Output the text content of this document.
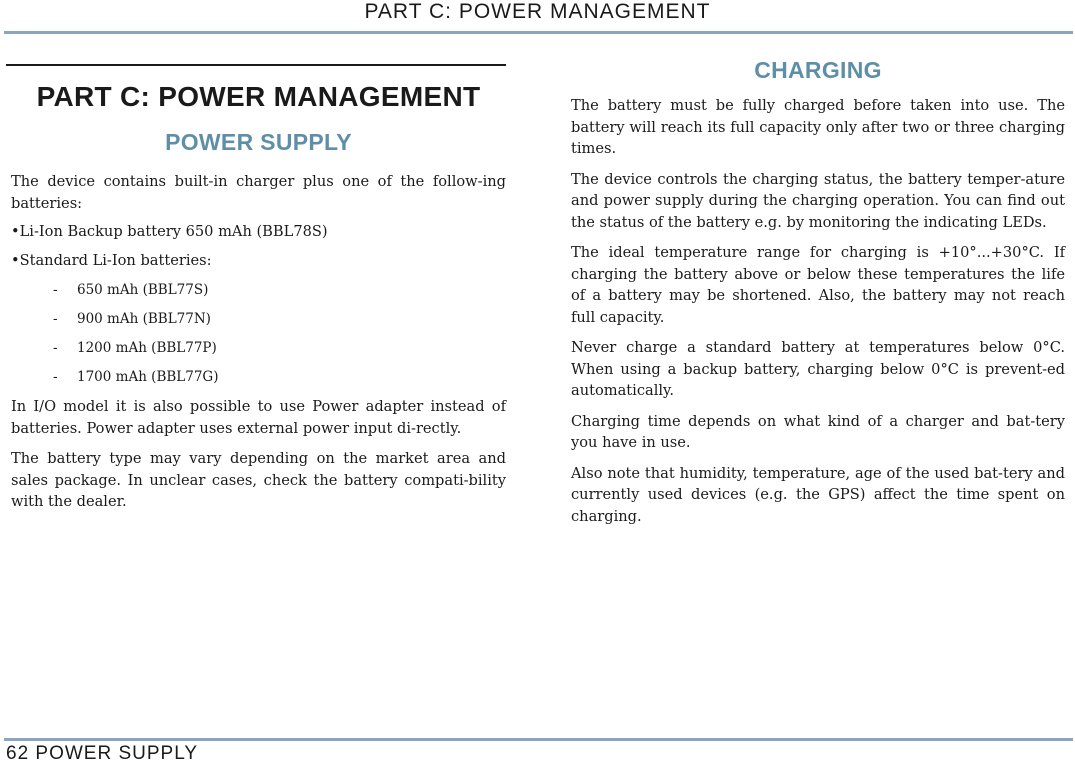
PART C: POWER MANAGEMENT
PART C: POWER MANAGEMENT
POWER SUPPLY

The device contains built-in charger plus one of the follow-ing batteries:

•Li-Ion Backup battery 650 mAh (BBL78S)
•Standard Li-Ion batteries:
- 650 mAh (BBL77S)
- 900 mAh (BBL77N)
- 1200 mAh (BBL77P)
- 1700 mAh (BBL77G)

In I/O model it is also possible to use Power adapter instead of batteries. Power adapter uses external power input di-rectly.

The battery type may vary depending on the market area and sales package. In unclear cases, check the battery compati-bility with the dealer.

CHARGING

The battery must be fully charged before taken into use. The battery will reach its full capacity only after two or three charging times.

The device controls the charging status, the battery temper-ature and power supply during the charging operation. You can find out the status of the battery e.g. by monitoring the indicating LEDs.

The ideal temperature range for charging is +10°...+30°C. If charging the battery above or below these temperatures the life of a battery may be shortened. Also, the battery may not reach full capacity.

Never charge a standard battery at temperatures below 0°C. When using a backup battery, charging below 0°C is prevent-ed automatically.

Charging time depends on what kind of a charger and bat-tery you have in use.

Also note that humidity, temperature, age of the used bat-tery and currently used devices (e.g. the GPS) affect the time spent on charging.

62 POWER SUPPLY
